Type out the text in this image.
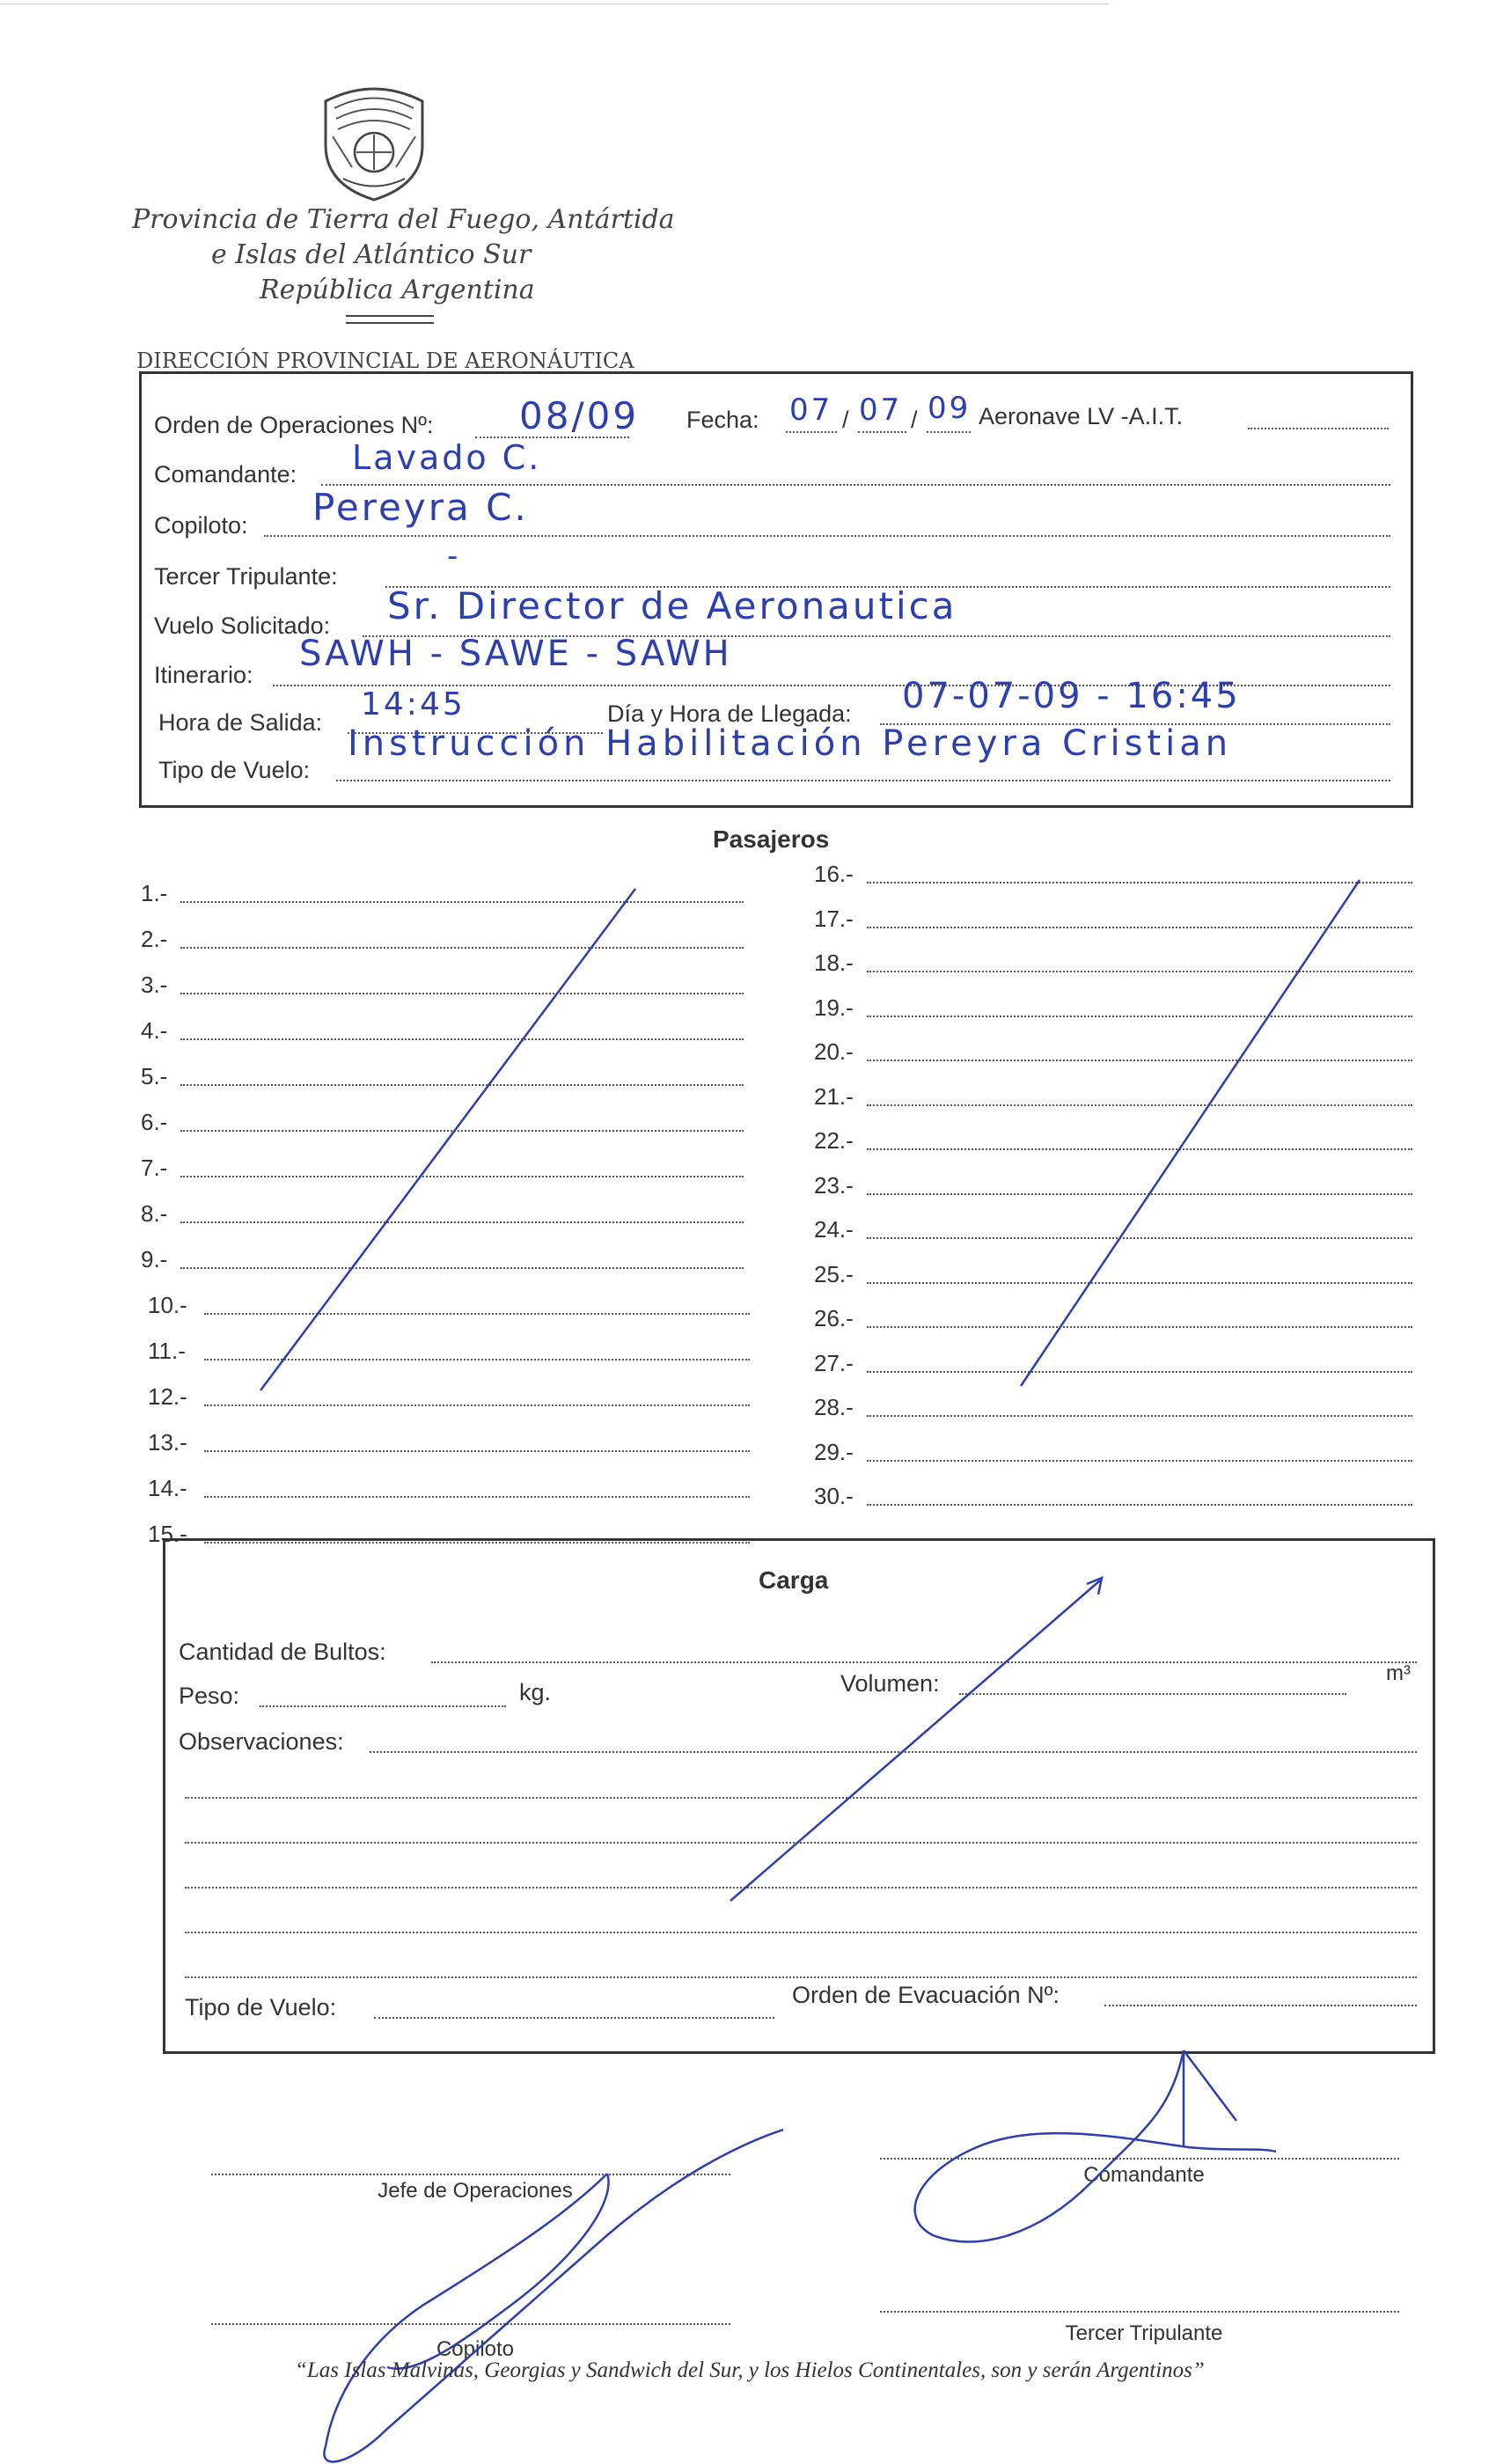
Provincia de Tierra del Fuego, Antártida
e Islas del Atlántico Sur
República Argentina
DIRECCIÓN PROVINCIAL DE AERONÁUTICA
Orden de Operaciones Nº: 08/09 Fecha: 07 / 07 / 09 Aeronave LV -A.I.T.
Comandante: Lavado C.
Copiloto: Pereyra C.
Tercer Tripulante:
-
Vuelo Solicitado: Sr. Director de Aeronautica
Itinerario:
SAWH - SAWE - SAWH
Hora de Salida: 14:45	Día y Hora de Llegada: 07-07-09 - 16:45
Tipo de Vuelo:
Instrucción Habilitación Pereyra Cristian
Pasajeros
1.-
2.-
3.-
4.-
5.-
6.-
7.-
8.-
9.-
10.-
11.-
12.-
13.-
14.-
15.-
16.-
17.-
18.-
19.-
20.-
21.-
22.-
23.-
24.-
25.-
26.-
27.-
28.-
29.-
30.-
Carga
Cantidad de Bultos:
Peso:	kg.	Volumen:	m³
Observaciones:
Tipo de Vuelo:	Orden de Evacuación Nº:
Jefe de Operaciones
Comandante
Copiloto
Tercer Tripulante
“Las Islas Malvinas, Georgias y Sandwich del Sur, y los Hielos Continentales, son y serán Argentinos”
